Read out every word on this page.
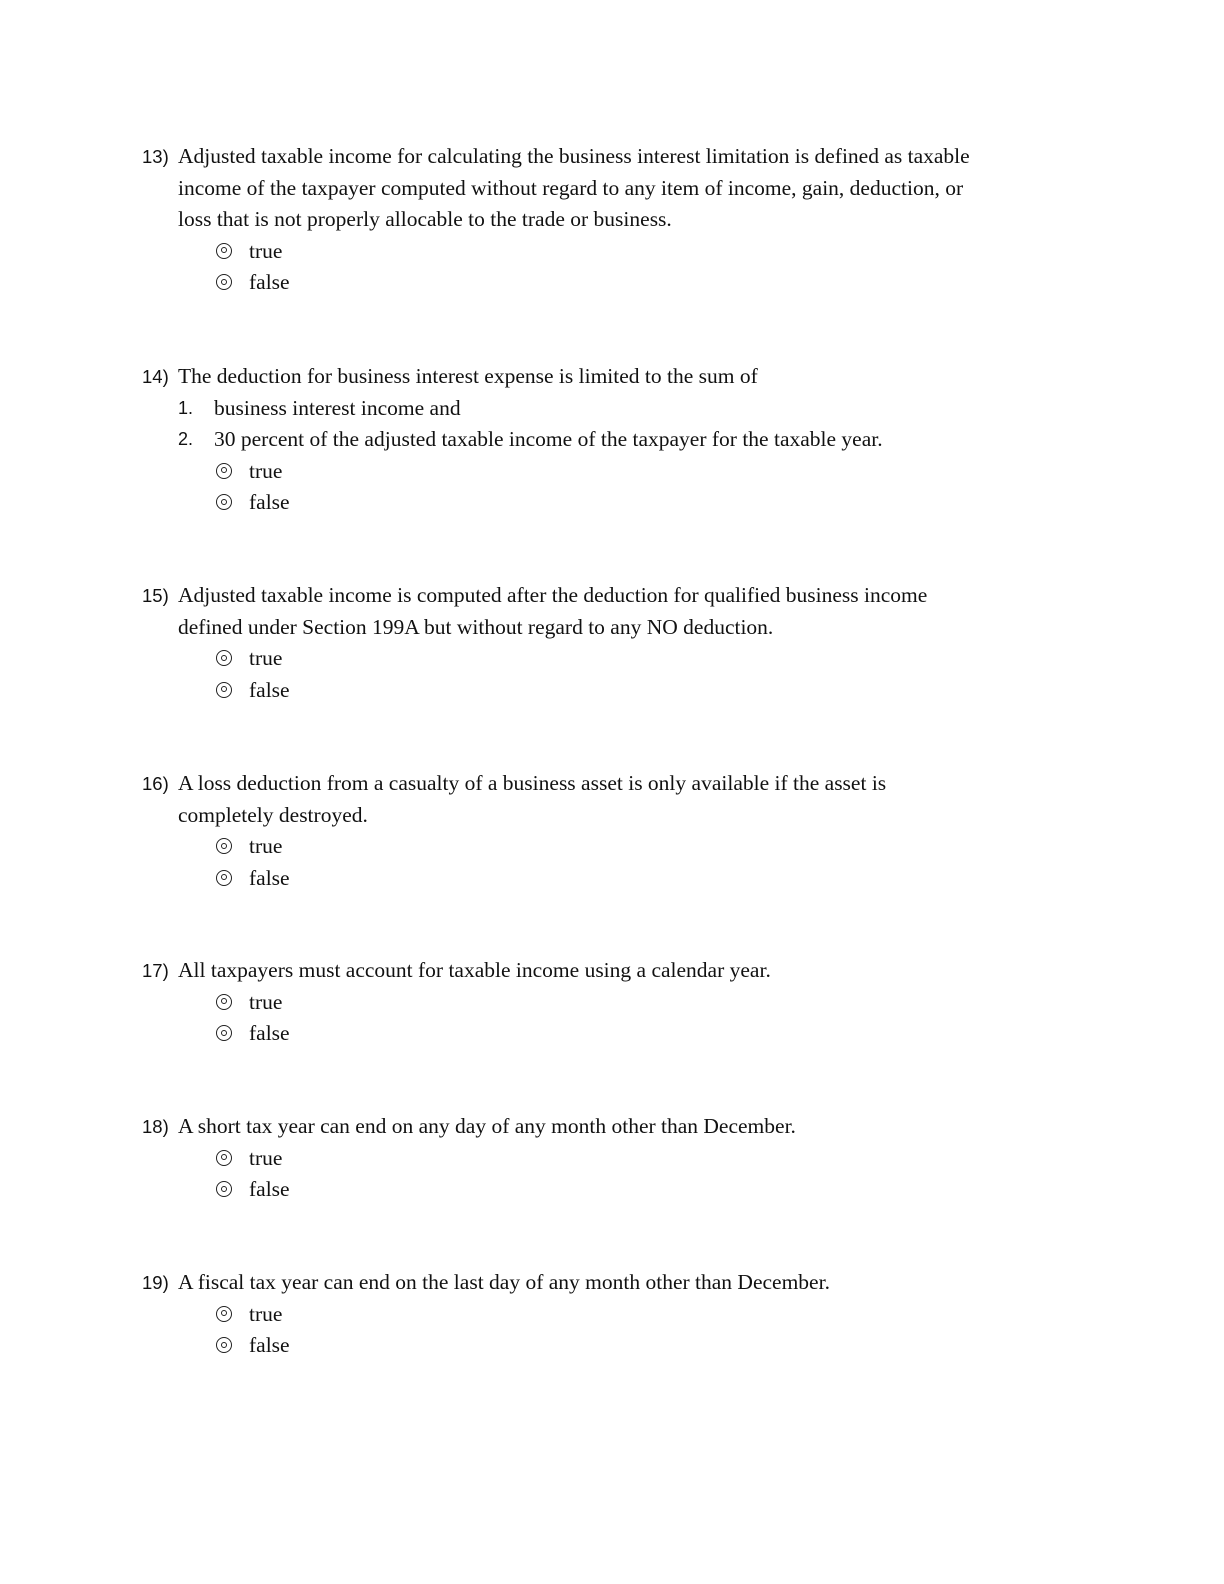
13) Adjusted taxable income for calculating the business interest limitation is defined as taxable
income of the taxpayer computed without regard to any item of income, gain, deduction, or
loss that is not properly allocable to the trade or business.
true
false
14) The deduction for business interest expense is limited to the sum of
1. business interest income and
2. 30 percent of the adjusted taxable income of the taxpayer for the taxable year.
true
false
15) Adjusted taxable income is computed after the deduction for qualified business income
defined under Section 199A but without regard to any NO deduction.
true
false
16) A loss deduction from a casualty of a business asset is only available if the asset is
completely destroyed.
true
false
17) All taxpayers must account for taxable income using a calendar year.
true
false
18) A short tax year can end on any day of any month other than December.
true
false
19) A fiscal tax year can end on the last day of any month other than December.
true
false
